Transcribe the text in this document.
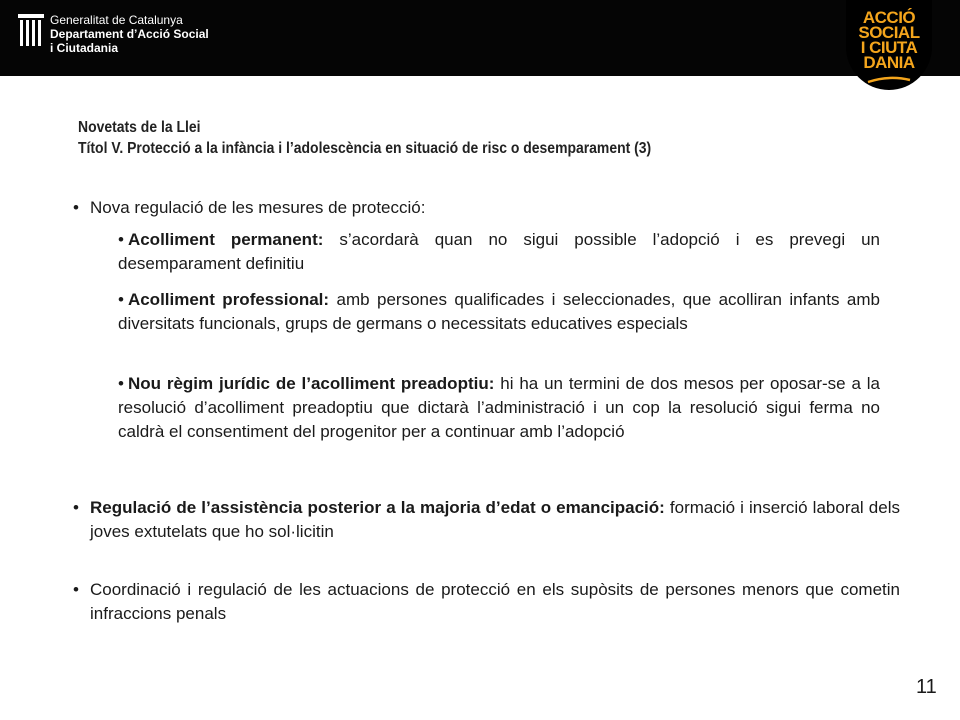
Generalitat de Catalunya
Departament d’Acció Social
i Ciutadania
ACCIÓ
SOCIAL
I CIUTA
DANIA
Novetats de la Llei
Títol V. Protecció a la infància i l’adolescència en situació de risc o desemparament (3)
• Nova regulació de les mesures de protecció:
• Acolliment permanent: s’acordarà quan no sigui possible l’adopció i es prevegi un desemparament definitiu
• Acolliment professional: amb persones qualificades i seleccionades, que acolliran infants amb diversitats funcionals, grups de germans o necessitats educatives especials
• Nou règim jurídic de l’acolliment preadoptiu: hi ha un termini de dos mesos per oposar-se a la resolució d’acolliment preadoptiu que dictarà l’administració i un cop la resolució sigui ferma no caldrà el consentiment del progenitor per a continuar amb l’adopció
• Regulació de l’assistència posterior a la majoria d’edat o emancipació: formació i inserció laboral dels joves extutelats que ho sol·licitin
• Coordinació i regulació de les actuacions de protecció en els supòsits de persones menors que cometin infraccions penals
11
